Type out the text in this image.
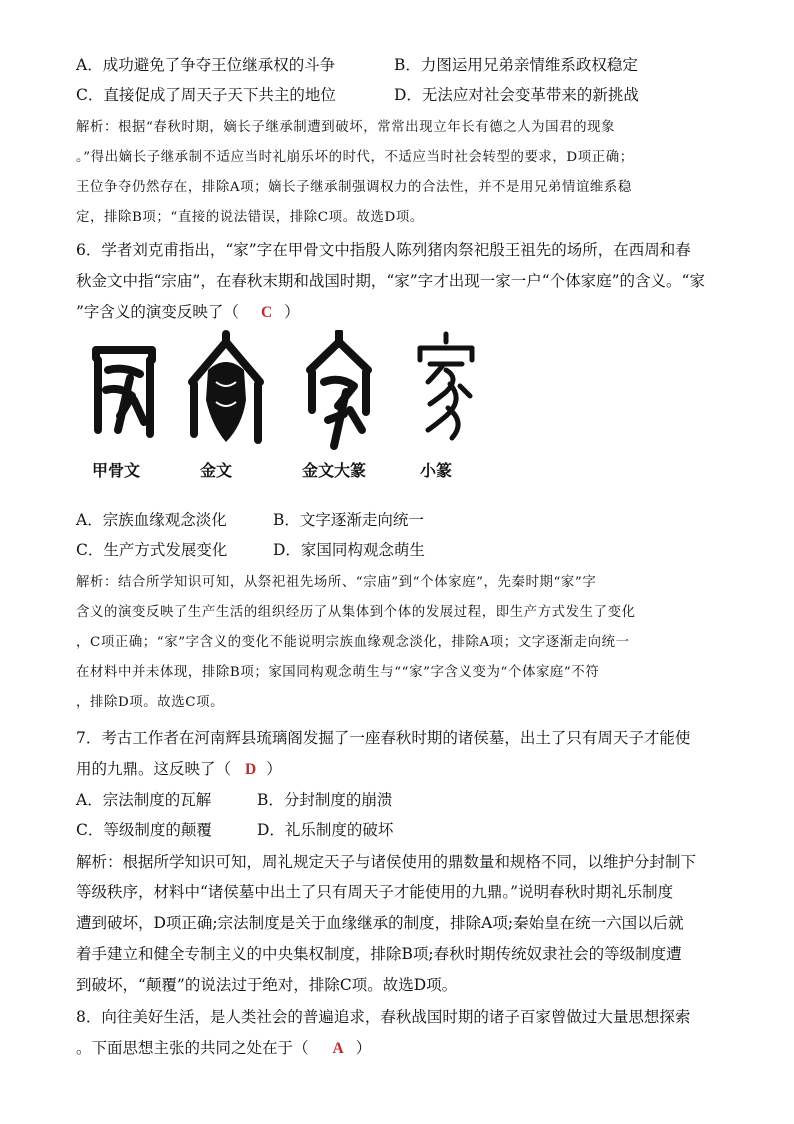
A．成功避免了争夺王位继承权的斗争	B．力图运用兄弟亲情维系政权稳定
C．直接促成了周天子天下共主的地位	D．无法应对社会变革带来的新挑战
解析：根据“春秋时期，嫡长子继承制遭到破坏，常常出现立年长有德之人为国君的现象
。”得出嫡长子继承制不适应当时礼崩乐坏的时代，不适应当时社会转型的要求，D项正确；
王位争夺仍然存在，排除A项；嫡长子继承制强调权力的合法性，并不是用兄弟情谊维系稳
定，排除B项；“直接的说法错误，排除C项。故选D项。
6．学者刘克甫指出，“家”字在甲骨文中指殷人陈列猪肉祭祀殷王祖先的场所，在西周和春
秋金文中指“宗庙”，在春秋末期和战国时期，“家”字才出现一家一户“个体家庭”的含义。“家
”字含义的演变反映了（ C ）
甲骨文	金文	金文大篆	小篆
A．宗族血缘观念淡化	B．文字逐渐走向统一
C．生产方式发展变化	D．家国同构观念萌生
解析：结合所学知识可知，从祭祀祖先场所、“宗庙”到“个体家庭”，先秦时期“家”字
含义的演变反映了生产生活的组织经历了从集体到个体的发展过程，即生产方式发生了变化
，C项正确；“家”字含义的变化不能说明宗族血缘观念淡化，排除A项；文字逐渐走向统一
在材料中并未体现，排除B项；家国同构观念萌生与““家”字含义变为“个体家庭”不符
，排除D项。故选C项。
7．考古工作者在河南辉县琉璃阁发掘了一座春秋时期的诸侯墓，出土了只有周天子才能使
用的九鼎。这反映了（ D ）
A．宗法制度的瓦解	B．分封制度的崩溃
C．等级制度的颠覆	D．礼乐制度的破坏
解析：根据所学知识可知，周礼规定天子与诸侯使用的鼎数量和规格不同，以维护分封制下
等级秩序，材料中“诸侯墓中出土了只有周天子才能使用的九鼎。”说明春秋时期礼乐制度
遭到破坏，D项正确;宗法制度是关于血缘继承的制度，排除A项;秦始皇在统一六国以后就
着手建立和健全专制主义的中央集权制度，排除B项;春秋时期传统奴隶社会的等级制度遭
到破坏，“颠覆”的说法过于绝对，排除C项。故选D项。
8．向往美好生活，是人类社会的普遍追求，春秋战国时期的诸子百家曾做过大量思想探索
。下面思想主张的共同之处在于（ A ）
